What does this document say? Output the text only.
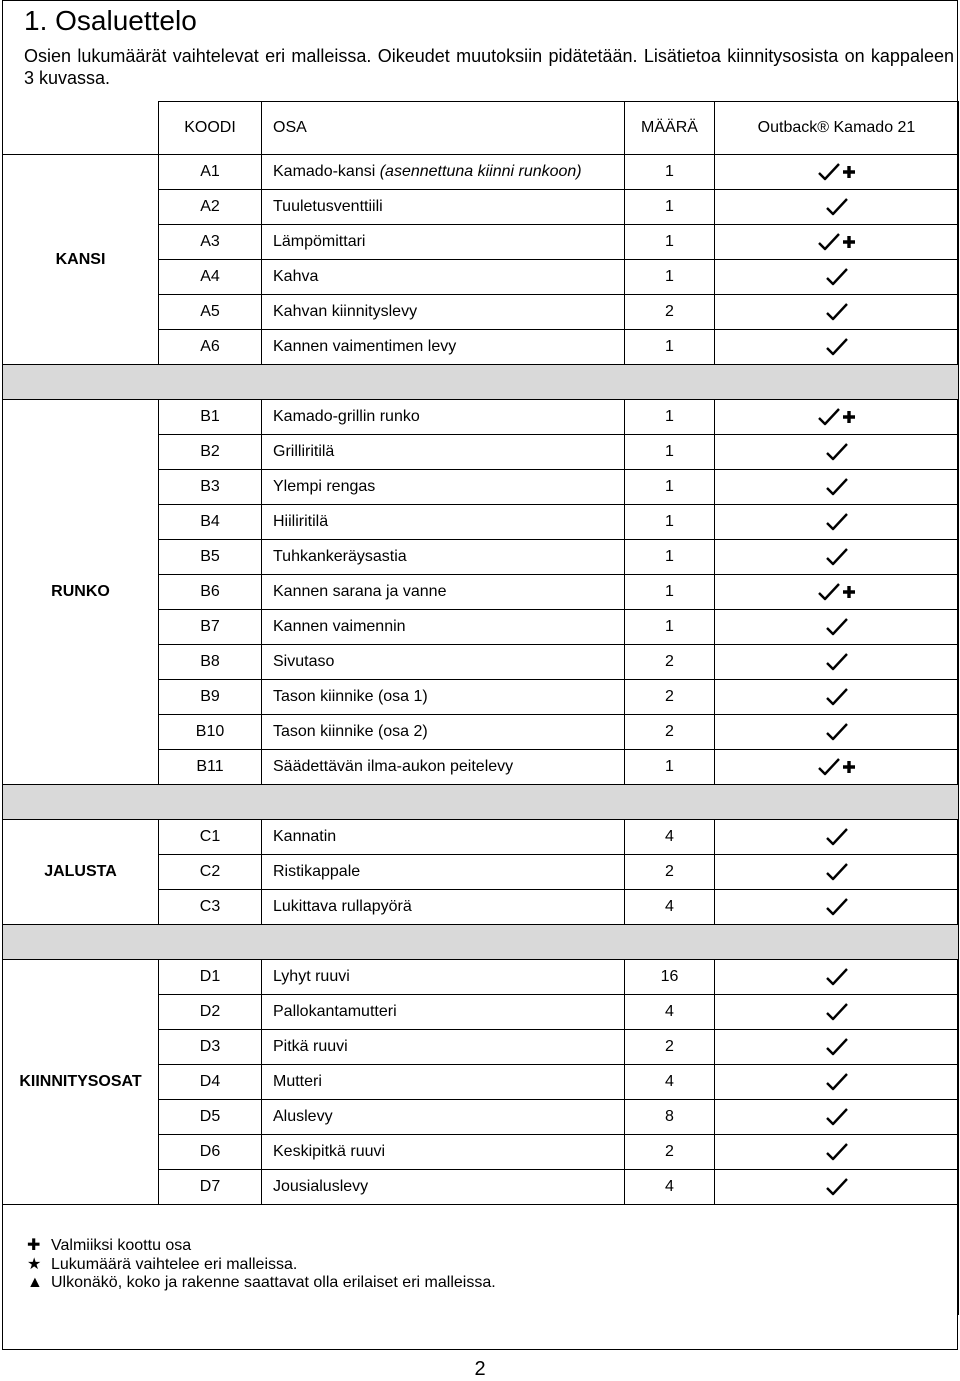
1. Osaluettelo
Osien lukumäärät vaihtelevat eri malleissa. Oikeudet muutoksiin pidätetään. Lisätietoa kiinnitysosista on kappaleen 3 kuvassa.
	KOODI	OSA	MÄÄRÄ	Outback® Kamado 21
KANSI	A1	Kamado-kansi (asennettuna kiinni runkoon)	1	
	A2	Tuuletusventtiili	1	
	A3	Lämpömittari	1	
	A4	Kahva	1	
	A5	Kahvan kiinnityslevy	2	
	A6	Kannen vaimentimen levy	1	

RUNKO	B1	Kamado-grillin runko	1	
	B2	Grilliritilä	1	
	B3	Ylempi rengas	1	
	B4	Hiiliritilä	1	
	B5	Tuhkankeräysastia	1	
	B6	Kannen sarana ja vanne	1	
	B7	Kannen vaimennin	1	
	B8	Sivutaso	2	
	B9	Tason kiinnike (osa 1)	2	
	B10	Tason kiinnike (osa 2)	2	
	B11	Säädettävän ilma-aukon peitelevy	1	

JALUSTA	C1	Kannatin	4	
	C2	Ristikappale	2	
	C3	Lukittava rullapyörä	4	

KIINNITYSOSAT	D1	Lyhyt ruuvi	16	
	D2	Pallokantamutteri	4	
	D3	Pitkä ruuvi	2	
	D4	Mutteri	4	
	D5	Aluslevy	8	
	D6	Keskipitkä ruuvi	2	
	D7	Jousialuslevy	4	

✚ Valmiiksi koottu osa
★ Lukumäärä vaihtelee eri malleissa.
▲ Ulkonäkö, koko ja rakenne saattavat olla erilaiset eri malleissa.				
2
